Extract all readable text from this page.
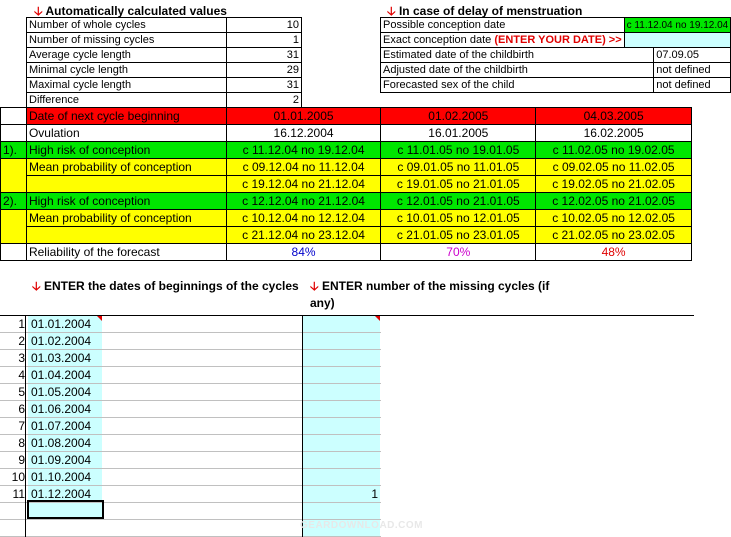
🡣 Automatically calculated values	🡣 In case of delay of menstruation
Number of whole cycles	10
Number of missing cycles	1
Average cycle length	31
Minimal cycle length	29
Maximal cycle length	31
Difference	2
Possible conception date	c 11.12.04 no 19.12.04	
Exact conception date (ENTER YOUR DATE) >>		
Estimated date of the childbirth		07.09.05
Adjusted date of the childbirth		not defined
Forecasted sex of the child		not defined
	Date of next cycle beginning	01.01.2005	01.02.2005	04.03.2005
	Ovulation	16.12.2004	16.01.2005	16.02.2005
1).	High risk of conception	c 11.12.04 no 19.12.04	c 11.01.05 no 19.01.05	c 11.02.05 no 19.02.05
	Mean probability of conception	c 09.12.04 no 11.12.04	c 09.01.05 no 11.01.05	c 09.02.05 no 11.02.05
		c 19.12.04 no 21.12.04	c 19.01.05 no 21.01.05	c 19.02.05 no 21.02.05
2).	High risk of conception	c 12.12.04 no 21.12.04	c 12.01.05 no 21.01.05	c 12.02.05 no 21.02.05
	Mean probability of conception	c 10.12.04 no 12.12.04	c 10.01.05 no 12.01.05	c 10.02.05 no 12.02.05
		c 21.12.04 no 23.12.04	c 21.01.05 no 23.01.05	c 21.02.05 no 23.02.05
	Reliability of the forecast	84%	70%	48%
🡣 ENTER the dates of beginnings of the cycles 🡣 ENTER number of the missing cycles (if any)
1 01.01.2004
2 01.02.2004
3 01.03.2004
4 01.04.2004
5 01.05.2004
6 01.06.2004
7 01.07.2004
8 01.08.2004
9 01.09.2004
10 01.10.2004
11 01.12.2004	1
GEARDOWNLOAD.COM
